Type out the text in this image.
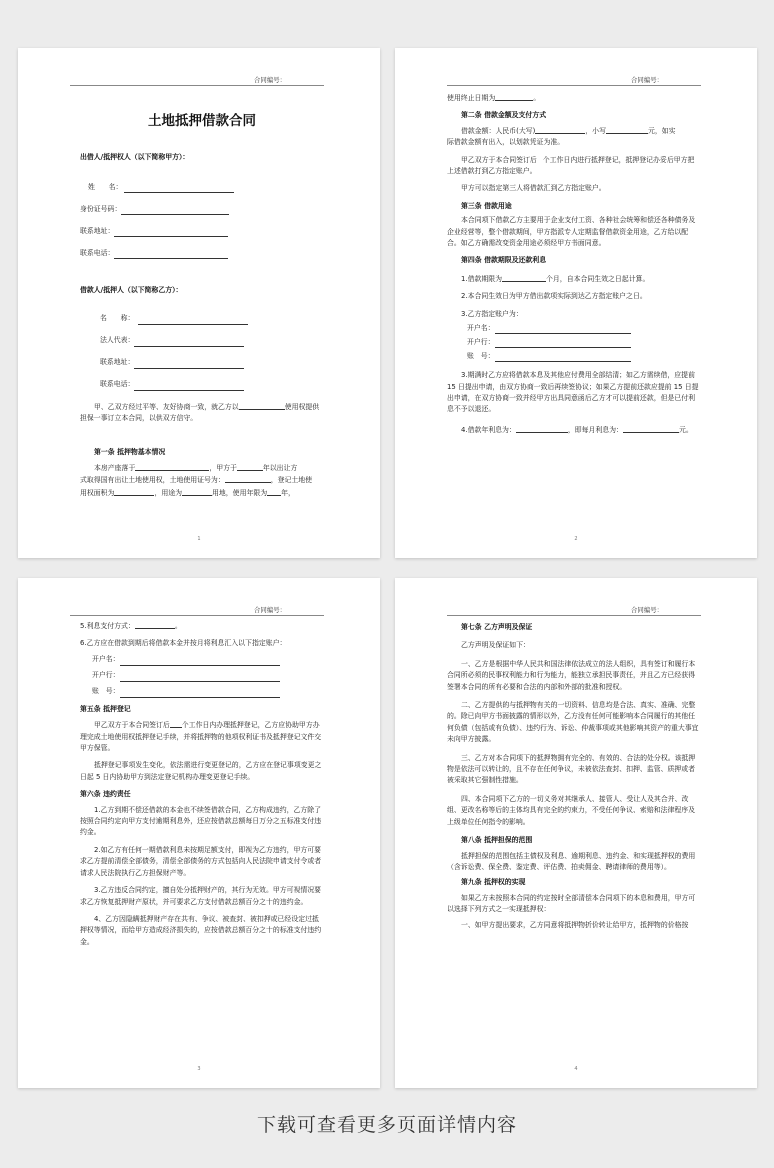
合同编号：
土地抵押借款合同
出借人/抵押权人（以下简称甲方）：
姓　　名：
身份证号码：
联系地址：
联系电话：
借款人/抵押人（以下简称乙方）：
名　　称：
法人代表：
联系地址：
联系电话：
甲、乙双方经过平等、友好协商一致，就乙方以	使用权提供
担保一事订立本合同，以供双方信守。
第一条 抵押物基本情况
本房产座落于	，甲方于	年以出让方
式取得国有出让土地使用权，土地使用证号为：	，登记土地使
用权面积为	，用途为	用地，使用年限为 年，
1
合同编号：
使用终止日期为	。
第二条 借款金额及支付方式
借款金额：人民币(大写)	，小写	元，如实
际借款金额有出入，以划款凭证为准。
甲乙双方于本合同签订后 个工作日内进行抵押登记，抵押登记办妥后甲方把
上述借款打到乙方指定账户。
甲方可以指定第三人将借款汇到乙方指定账户。
第三条 借款用途
本合同项下借款乙方主要用于企业支付工资、各种社会统筹和偿还各种债务及企业经营等，整个借款期间，甲方指派专人定期监督借款资金用途，乙方给以配合。如乙方确需改变资金用途必须经甲方书面同意。
第四条 借款期限及还款利息
1.借款期限为	个月，自本合同生效之日起计算。
2.本合同生效日为甲方借出款项实际到达乙方指定账户之日。
3.乙方指定账户为：
开户名：
开户行：
账　号：
3.期满时乙方应将借款本息及其他应付费用全部结清；如乙方需续借，应提前 15 日提出申请，由双方协商一致后再续签协议；如果乙方提前还款应提前 15 日提出申请，在双方协商一致并经甲方出具同意函后乙方才可以提前还款，但是已付利息不予以退还。
4.借款年利息为：	，即每月利息为：	元。
2
合同编号：
5.利息支付方式：	。
6.乙方应在借款到期后将借款本金并按月将利息汇入以下指定账户：
开户名：
开户行：
账　号：
第五条 抵押登记
甲乙双方于本合同签订后 个工作日内办理抵押登记，乙方应协助甲方办理完成土地使用权抵押登记手续，并将抵押物的他项权利证书及抵押登记文件交甲方保管。
抵押登记事项发生变化，依法需进行变更登记的，乙方应在登记事项变更之日起 5 日内协助甲方到法定登记机构办理变更登记手续。
第六条 违约责任
1.乙方到期不偿还借款的本金也不续签借款合同，乙方构成违约，乙方除了按照合同约定向甲方支付逾期利息外，还应按借款总额每日万分之五标准支付违约金。
2.如乙方有任何一期借款利息未按期足额支付，即视为乙方违约，甲方可要求乙方提前清偿全部债务，清偿全部债务的方式包括向人民法院申请支付令或者请求人民法院执行乙方担保财产等。
3.乙方违反合同约定，擅自处分抵押财产的，其行为无效。甲方可视情况要求乙方恢复抵押财产原状，并可要求乙方支付借款总额百分之十的违约金。
4、乙方因隐瞒抵押财产存在共有、争议、被查封、被扣押或已经设定过抵押权等情况，而给甲方造成经济损失的，应按借款总额百分之十的标准支付违约金。
3
合同编号：
第七条 乙方声明及保证
乙方声明及保证如下：
一、乙方是根据中华人民共和国法律依法成立的法人组织，具有签订和履行本合同所必须的民事权利能力和行为能力，能独立承担民事责任，并且乙方已经获得签署本合同的所有必要和合法的内部和外部的批准和授权。
二、乙方提供的与抵押物有关的一切资料、信息均是合法、真实、准确、完整的。除已向甲方书面披露的情形以外，乙方没有任何可能影响本合同履行的其他任何负债（包括或有负债）、违约行为、诉讼、仲裁事项或其他影响其资产的重大事宜未向甲方披露。
三、乙方对本合同项下的抵押物拥有完全的、有效的、合法的处分权。该抵押物是依法可以转让的，且不存在任何争议，未被依法查封、扣押、监管、质押或者被采取其它强制性措施。
四、本合同项下乙方的一切义务对其继承人、接管人、受让人及其合并、改组、更改名称等后的主体均具有完全的约束力，不受任何争议、索赔和法律程序及上级单位任何指令的影响。
第八条 抵押担保的范围
抵押担保的范围包括主债权及利息、逾期利息、违约金、和实现抵押权的费用（含诉讼费、保全费、鉴定费、评估费、拍卖佣金、聘请律师的费用等）。
第九条 抵押权的实现
如果乙方未按照本合同的约定按时全部清偿本合同项下的本息和费用，甲方可以选择下列方式之一实现抵押权：
一、如甲方提出要求，乙方同意将抵押物折价转让给甲方，抵押物的价格按
4
下载可查看更多页面详情内容
